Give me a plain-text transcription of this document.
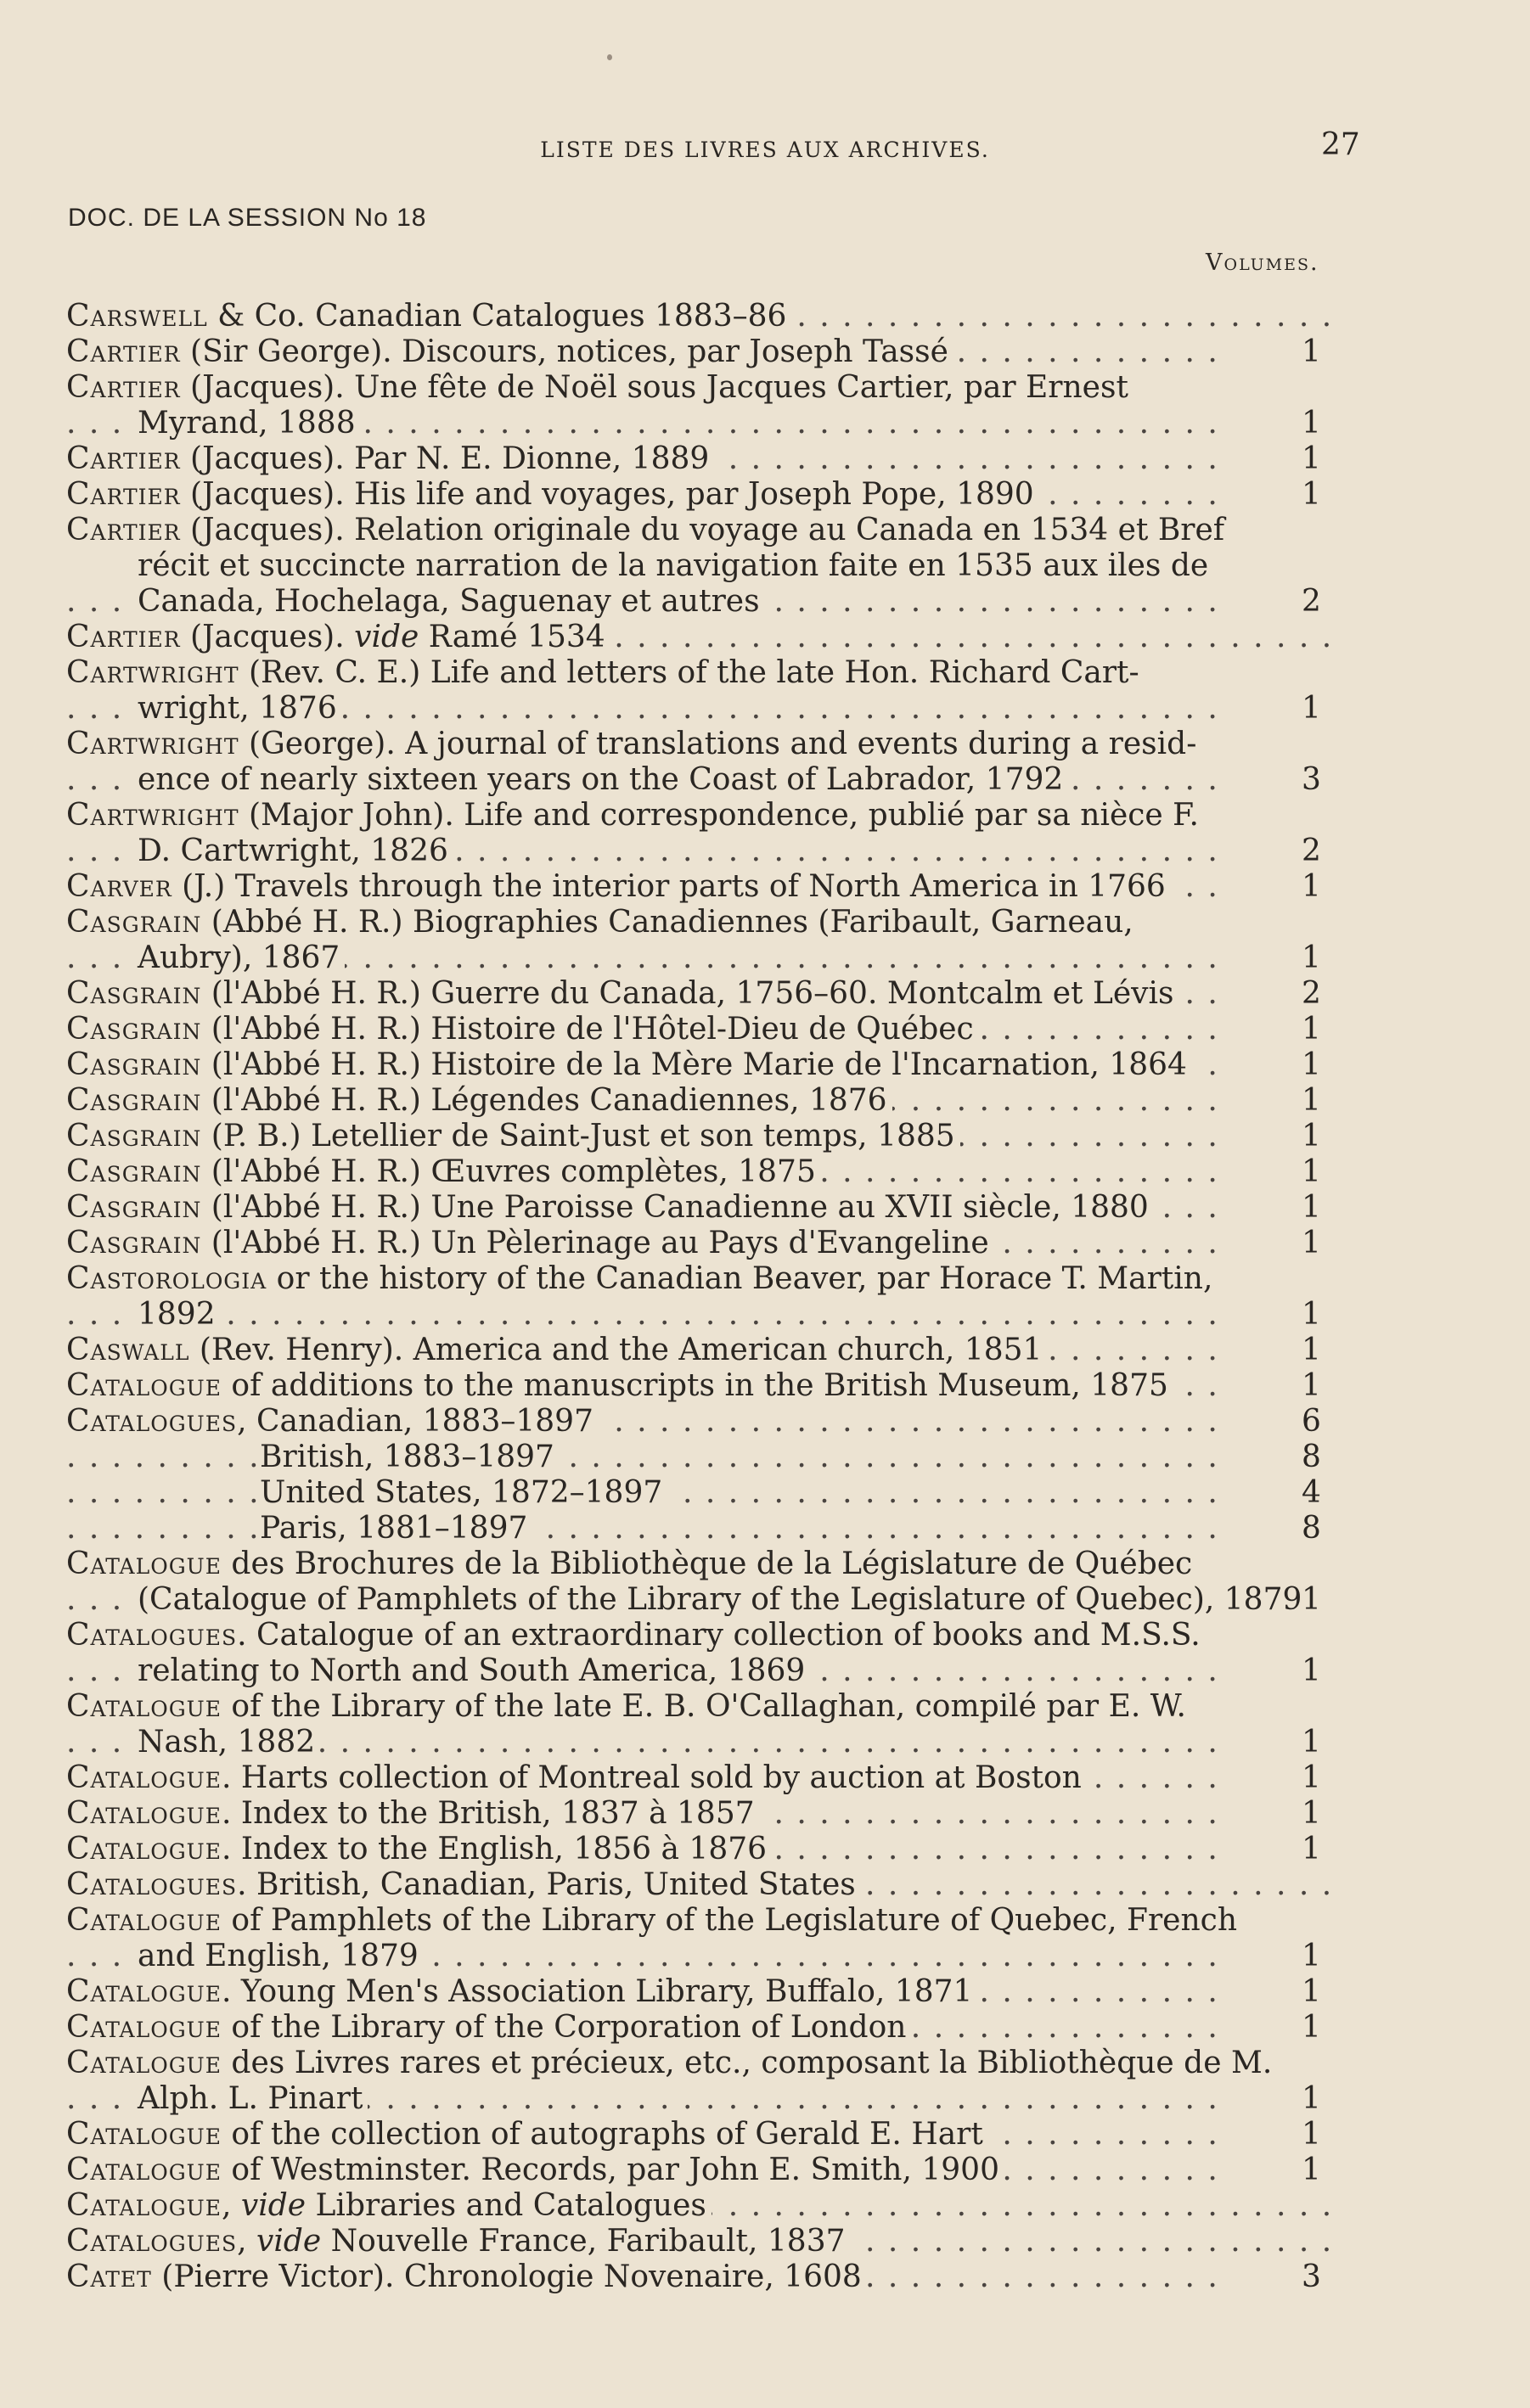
LISTE DES LIVRES AUX ARCHIVES.	27
DOC. DE LA SESSION No 18
Volumes.
Carswell & Co. Canadian Catalogues 1883–86 . . .
Cartier (Sir George). Discours, notices, par Joseph Tassé	1
. . .
Cartier (Jacques). Une fête de Noël sous Jacques Cartier, par Ernest
Myrand, 1888	1
. . .
Cartier (Jacques). Par N. E. Dionne, 1889	1
. . .
Cartier (Jacques). His life and voyages, par Joseph Pope, 1890	1
. . .
Cartier (Jacques). Relation originale du voyage au Canada en 1534 et Bref
récit et succincte narration de la navigation faite en 1535 aux iles de
Canada, Hochelaga, Saguenay et autres	2
. . .
Cartier (Jacques). vide Ramé 1534 . . .
Cartwright (Rev. C. E.) Life and letters of the late Hon. Richard Cart-
wright, 1876	1
. . .
Cartwright (George). A journal of translations and events during a resid-
ence of nearly sixteen years on the Coast of Labrador, 1792	3
. . .
Cartwright (Major John). Life and correspondence, publié par sa nièce F.
D. Cartwright, 1826	2
. . .
Carver (J.) Travels through the interior parts of North America in 1766	1
. . .
Casgrain (Abbé H. R.) Biographies Canadiennes (Faribault, Garneau,
Aubry), 1867	1
. . .
Casgrain (l'Abbé H. R.) Guerre du Canada, 1756–60. Montcalm et Lévis	2
. . .
Casgrain (l'Abbé H. R.) Histoire de l'Hôtel-Dieu de Québec	1
. . .
Casgrain (l'Abbé H. R.) Histoire de la Mère Marie de l'Incarnation, 1864	1
. . .
Casgrain (l'Abbé H. R.) Légendes Canadiennes, 1876	1
. . .
Casgrain (P. B.) Letellier de Saint-Just et son temps, 1885	1
. . .
Casgrain (l'Abbé H. R.) Œuvres complètes, 1875	1
. . .
Casgrain (l'Abbé H. R.) Une Paroisse Canadienne au XVII siècle, 1880	1
. . .
Casgrain (l'Abbé H. R.) Un Pèlerinage au Pays d'Evangeline	1
. . .
Castorologia or the history of the Canadian Beaver, par Horace T. Martin,
1892	1
. . .
Caswall (Rev. Henry). America and the American church, 1851	1
. . .
Catalogue of additions to the manuscripts in the British Museum, 1875	1
. . .
Catalogues, Canadian, 1883–1897	6
. . .
British, 1883–1897	8
. . .
United States, 1872–1897	4
. . .
Paris, 1881–1897	8
. . .
Catalogue des Brochures de la Bibliothèque de la Législature de Québec
(Catalogue of Pamphlets of the Library of the Legislature of Quebec), 1879 1
. . .
Catalogues. Catalogue of an extraordinary collection of books and M.S.S.
relating to North and South America, 1869	1
. . .
Catalogue of the Library of the late E. B. O'Callaghan, compilé par E. W.
Nash, 1882	1
. . .
Catalogue. Harts collection of Montreal sold by auction at Boston	1
. . .
Catalogue. Index to the British, 1837 à 1857	1
. . .
Catalogue. Index to the English, 1856 à 1876	1
. . .
Catalogues. British, Canadian, Paris, United States . . .
Catalogue of Pamphlets of the Library of the Legislature of Quebec, French
and English, 1879	1
. . .
Catalogue. Young Men's Association Library, Buffalo, 1871	1
. . .
Catalogue of the Library of the Corporation of London	1
. . .
Catalogue des Livres rares et précieux, etc., composant la Bibliothèque de M.
Alph. L. Pinart	1
. . .
Catalogue of the collection of autographs of Gerald E. Hart	1
. . .
Catalogue of Westminster. Records, par John E. Smith, 1900	1
. . .
Catalogue, vide Libraries and Catalogues . . .
Catalogues, vide Nouvelle France, Faribault, 1837 . . .
Catet (Pierre Victor). Chronologie Novenaire, 1608	3
. . .
